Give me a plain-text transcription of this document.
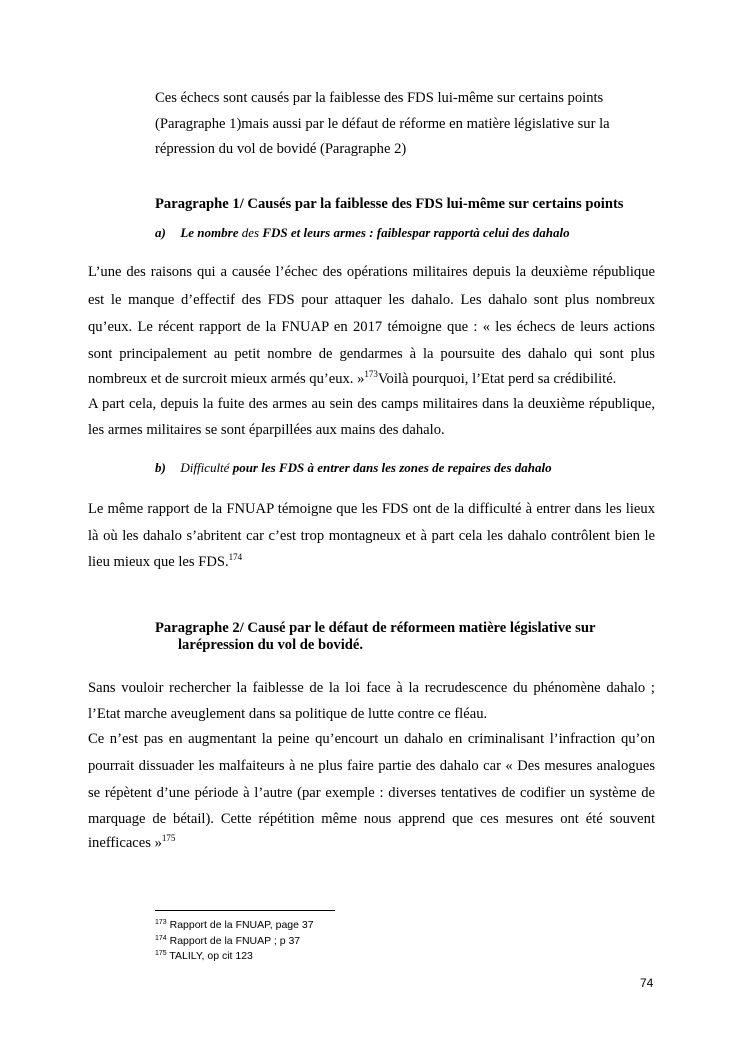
Ces échecs sont causés par la faiblesse des FDS lui-même sur certains points
(Paragraphe 1)mais aussi par le défaut de réforme en matière législative sur la
répression du vol de bovidé (Paragraphe 2)
Paragraphe 1/ Causés par la faiblesse des FDS lui-même sur certains points
a) Le nombre des FDS et leurs armes : faiblespar rapportà celui des dahalo
L’une des raisons qui a causée l’échec des opérations militaires depuis la deuxième république
est le manque d’effectif des FDS pour attaquer les dahalo. Les dahalo sont plus nombreux
qu’eux. Le récent rapport de la FNUAP en 2017 témoigne que : « les échecs de leurs actions
sont principalement au petit nombre de gendarmes à la poursuite des dahalo qui sont plus
nombreux et de surcroit mieux armés qu’eux. »$^{173}$Voilà pourquoi, l’Etat perd sa crédibilité.
A part cela, depuis la fuite des armes au sein des camps militaires dans la deuxième république,
les armes militaires se sont éparpillées aux mains des dahalo.
b) Difficulté pour les FDS à entrer dans les zones de repaires des dahalo
Le même rapport de la FNUAP témoigne que les FDS ont de la difficulté à entrer dans les lieux
là où les dahalo s’abritent car c’est trop montagneux et à part cela les dahalo contrôlent bien le
lieu mieux que les FDS.$^{174}$
Paragraphe 2/ Causé par le défaut de réformeen matière législative sur
larépression du vol de bovidé.
Sans vouloir rechercher la faiblesse de la loi face à la recrudescence du phénomène dahalo ;
l’Etat marche aveuglement dans sa politique de lutte contre ce fléau.
Ce n’est pas en augmentant la peine qu’encourt un dahalo en criminalisant l’infraction qu’on
pourrait dissuader les malfaiteurs à ne plus faire partie des dahalo car « Des mesures analogues
se répètent d’une période à l’autre (par exemple : diverses tentatives de codifier un système de
marquage de bétail). Cette répétition même nous apprend que ces mesures ont été souvent
inefficaces »$^{175}$
$^{173}$ Rapport de la FNUAP, page 37
$^{174}$ Rapport de la FNUAP ; p 37
$^{175}$ TALILY, op cit 123
74
